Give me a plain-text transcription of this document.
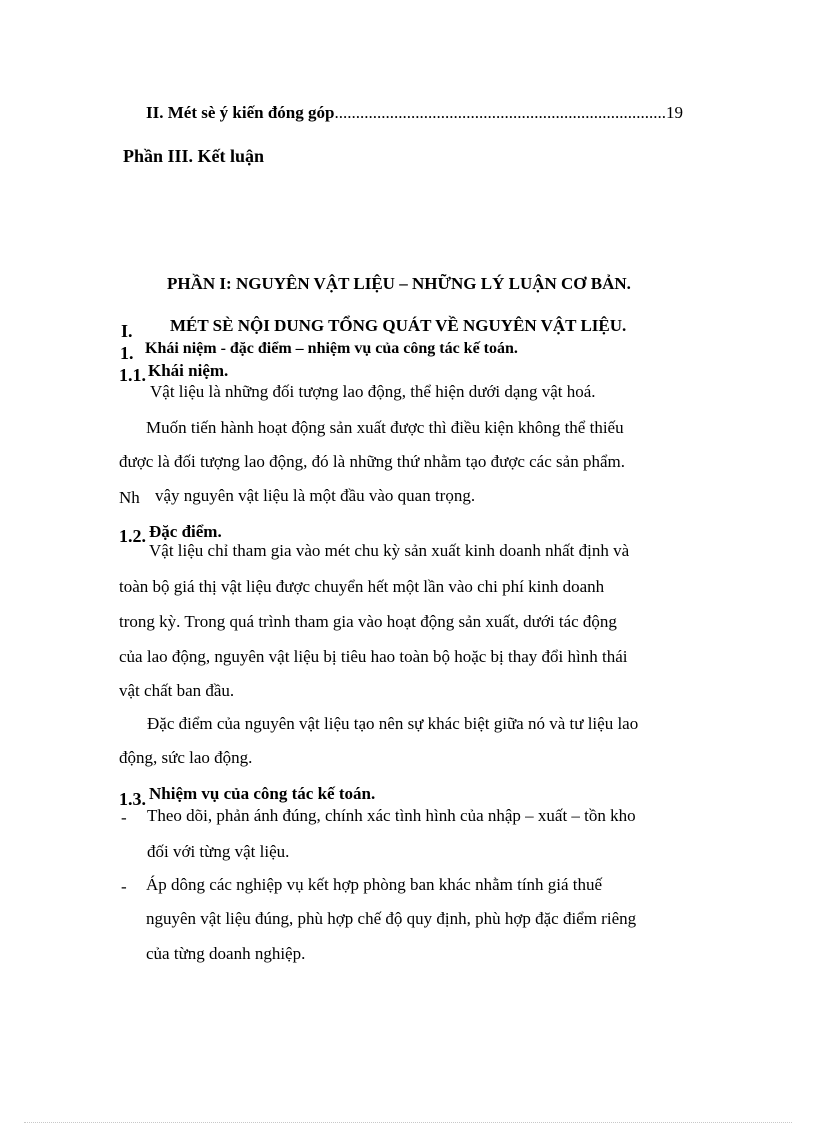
II. Mét sè ý kiến đóng góp..............................................................................19
Phần III. Kết luận
PHẦN I: NGUYÊN VẬT LIỆU – NHỮNG LÝ LUẬN CƠ BẢN.
I. MÉT SÈ NỘI DUNG TỔNG QUÁT VỀ NGUYÊN VẬT LIỆU.
1. Khái niệm - đặc điểm – nhiệm vụ của công tác kế toán.
1.1. Khái niệm.
Vật liệu là những đối tượng lao động, thể hiện dưới dạng vật hoá.
Muốn tiến hành hoạt động sản xuất được thì điều kiện không thể thiếu
được là đối tượng lao động, đó là những thứ nhằm tạo được các sản phẩm.
Nh vậy nguyên vật liệu là một đầu vào quan trọng.
1.2. Đặc điểm.
Vật liệu chỉ tham gia vào mét chu kỳ sản xuất kinh doanh nhất định và
toàn bộ giá thị vật liệu được chuyển hết một lần vào chi phí kinh doanh
trong kỳ. Trong quá trình tham gia vào hoạt động sản xuất, dưới tác động
của lao động, nguyên vật liệu bị tiêu hao toàn bộ hoặc bị thay đổi hình thái
vật chất ban đầu.
Đặc điểm của nguyên vật liệu tạo nên sự khác biệt giữa nó và tư liệu lao
động, sức lao động.
1.3. Nhiệm vụ của công tác kế toán.
- Theo dõi, phản ánh đúng, chính xác tình hình của nhập – xuất – tồn kho
đối với từng vật liệu.
- Áp dông các nghiệp vụ kết hợp phòng ban khác nhằm tính giá thuế
nguyên vật liệu đúng, phù hợp chế độ quy định, phù hợp đặc điểm riêng
của từng doanh nghiệp.
